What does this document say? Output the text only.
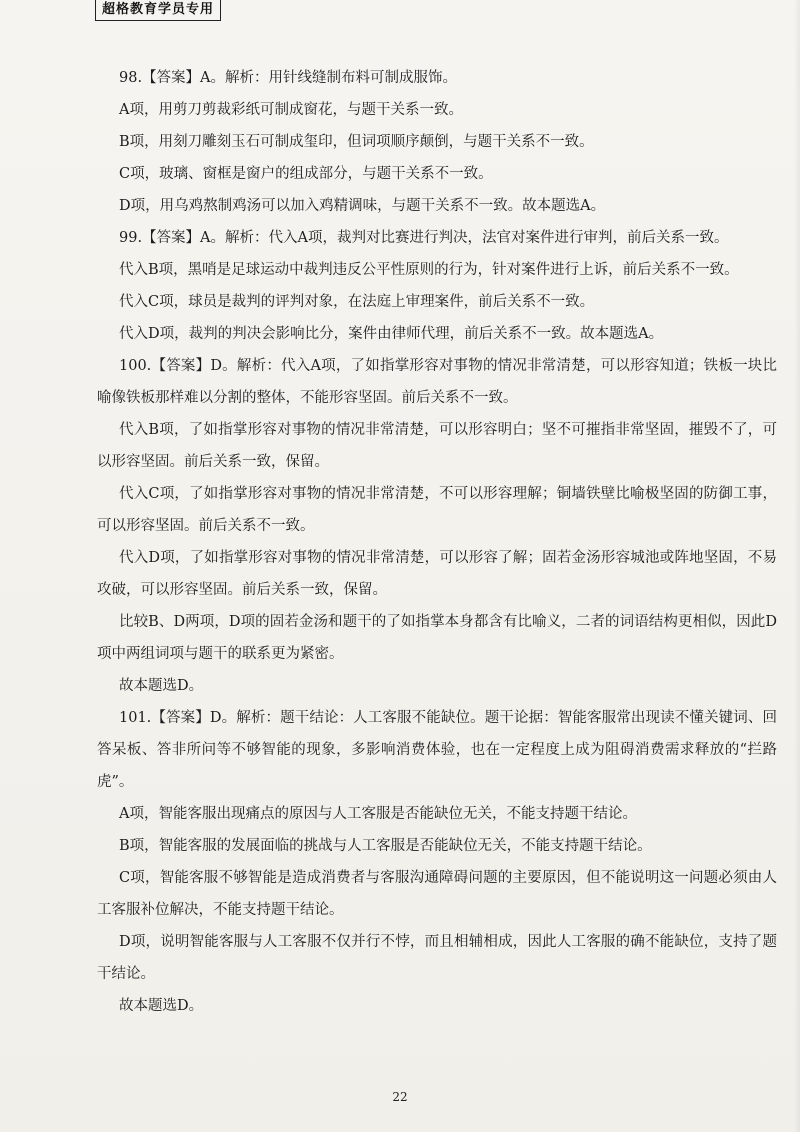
超格教育学员专用

98.【答案】A。解析：用针线缝制布料可制成服饰。

A项，用剪刀剪裁彩纸可制成窗花，与题干关系一致。

B项，用刻刀雕刻玉石可制成玺印，但词项顺序颠倒，与题干关系不一致。

C项，玻璃、窗框是窗户的组成部分，与题干关系不一致。

D项，用乌鸡熬制鸡汤可以加入鸡精调味，与题干关系不一致。故本题选A。

99.【答案】A。解析：代入A项，裁判对比赛进行判决，法官对案件进行审判，前后关系一致。

代入B项，黑哨是足球运动中裁判违反公平性原则的行为，针对案件进行上诉，前后关系不一致。

代入C项，球员是裁判的评判对象，在法庭上审理案件，前后关系不一致。

代入D项，裁判的判决会影响比分，案件由律师代理，前后关系不一致。故本题选A。

100.【答案】D。解析：代入A项，了如指掌形容对事物的情况非常清楚，可以形容知道；铁板一块比喻像铁板那样难以分割的整体，不能形容坚固。前后关系不一致。

代入B项，了如指掌形容对事物的情况非常清楚，可以形容明白；坚不可摧指非常坚固，摧毁不了，可以形容坚固。前后关系一致，保留。

代入C项，了如指掌形容对事物的情况非常清楚，不可以形容理解；铜墙铁壁比喻极坚固的防御工事，可以形容坚固。前后关系不一致。

代入D项，了如指掌形容对事物的情况非常清楚，可以形容了解；固若金汤形容城池或阵地坚固，不易攻破，可以形容坚固。前后关系一致，保留。

比较B、D两项，D项的固若金汤和题干的了如指掌本身都含有比喻义，二者的词语结构更相似，因此D项中两组词项与题干的联系更为紧密。

故本题选D。

101.【答案】D。解析：题干结论：人工客服不能缺位。题干论据：智能客服常出现读不懂关键词、回答呆板、答非所问等不够智能的现象，多影响消费体验，也在一定程度上成为阻碍消费需求释放的“拦路虎”。

A项，智能客服出现痛点的原因与人工客服是否能缺位无关，不能支持题干结论。

B项，智能客服的发展面临的挑战与人工客服是否能缺位无关，不能支持题干结论。

C项，智能客服不够智能是造成消费者与客服沟通障碍问题的主要原因，但不能说明这一问题必须由人工客服补位解决，不能支持题干结论。

D项，说明智能客服与人工客服不仅并行不悖，而且相辅相成，因此人工客服的确不能缺位，支持了题干结论。

故本题选D。

22
